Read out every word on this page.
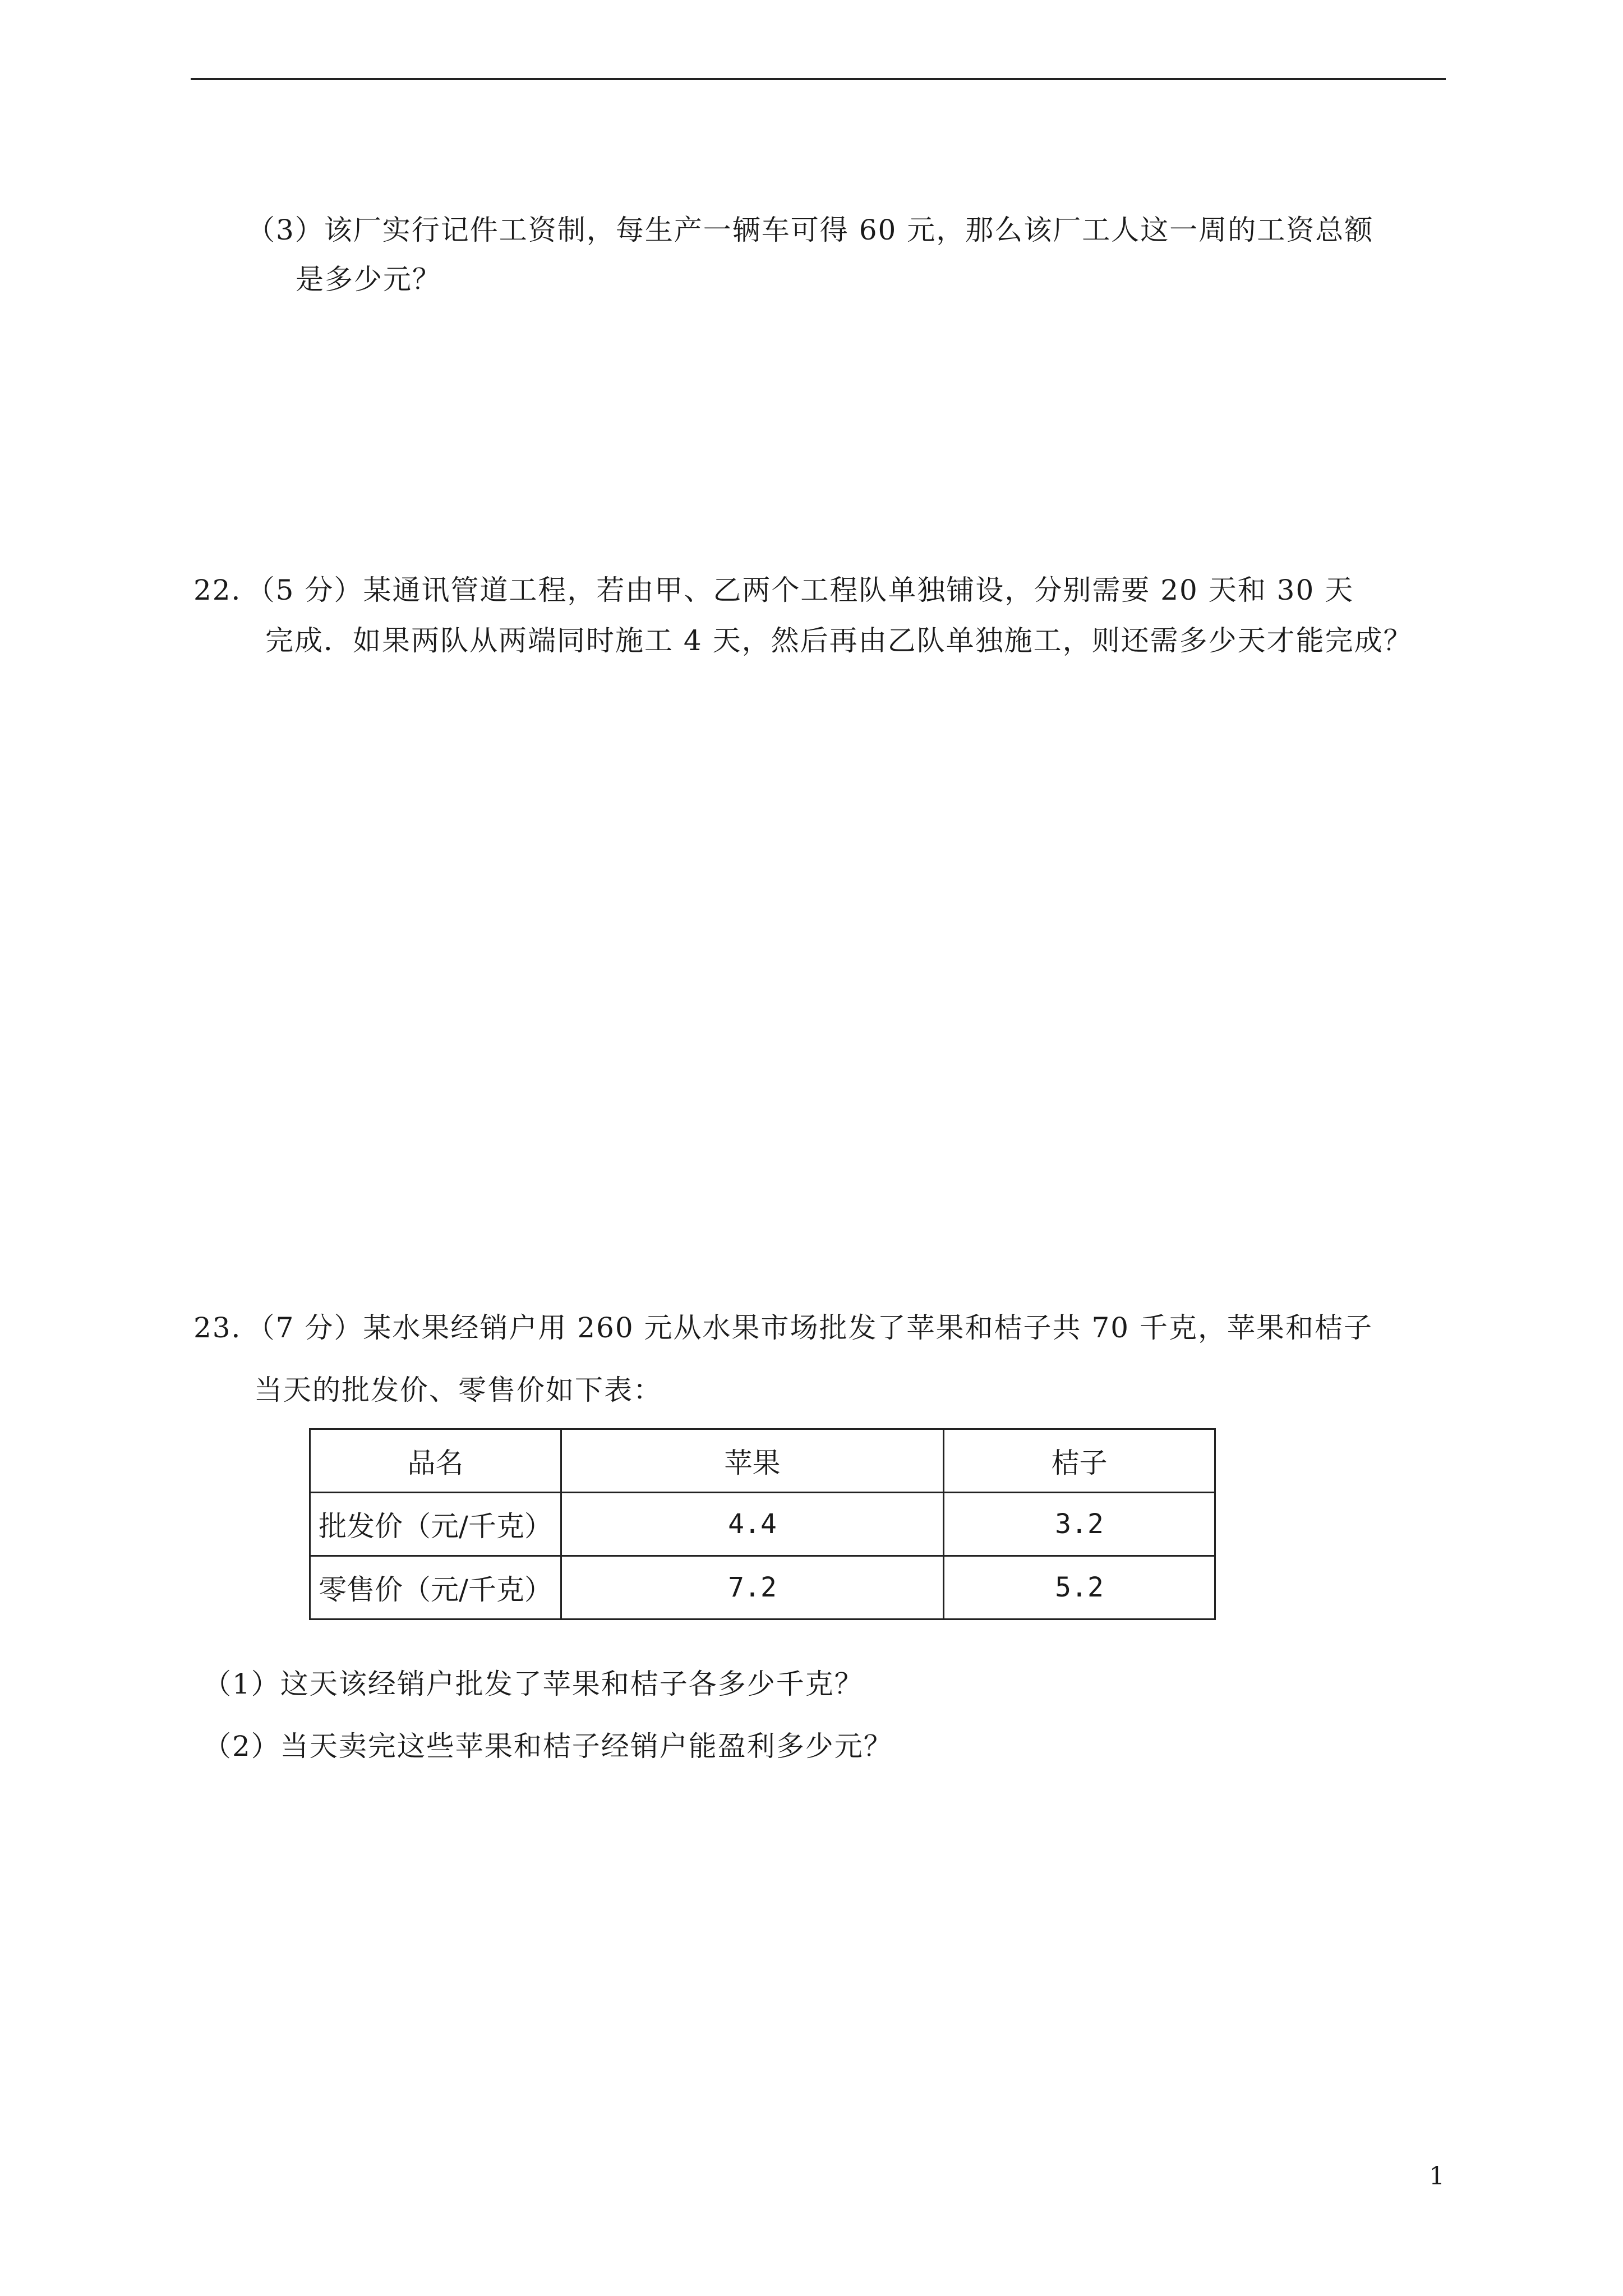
（3）该厂实行记件工资制，每生产一辆车可得 60 元，那么该厂工人这一周的工资总额
是多少元？
22．（5 分）某通讯管道工程，若由甲、乙两个工程队单独铺设，分别需要 20 天和 30 天
完成．如果两队从两端同时施工 4 天，然后再由乙队单独施工，则还需多少天才能完成？
23．（7 分）某水果经销户用 260 元从水果市场批发了苹果和桔子共 70 千克，苹果和桔子
当天的批发价、零售价如下表：
品名	苹果	桔子
批发价（元/千克）	4.4	3.2
零售价（元/千克）	7.2	5.2
（1）这天该经销户批发了苹果和桔子各多少千克？
（2）当天卖完这些苹果和桔子经销户能盈利多少元？
1
